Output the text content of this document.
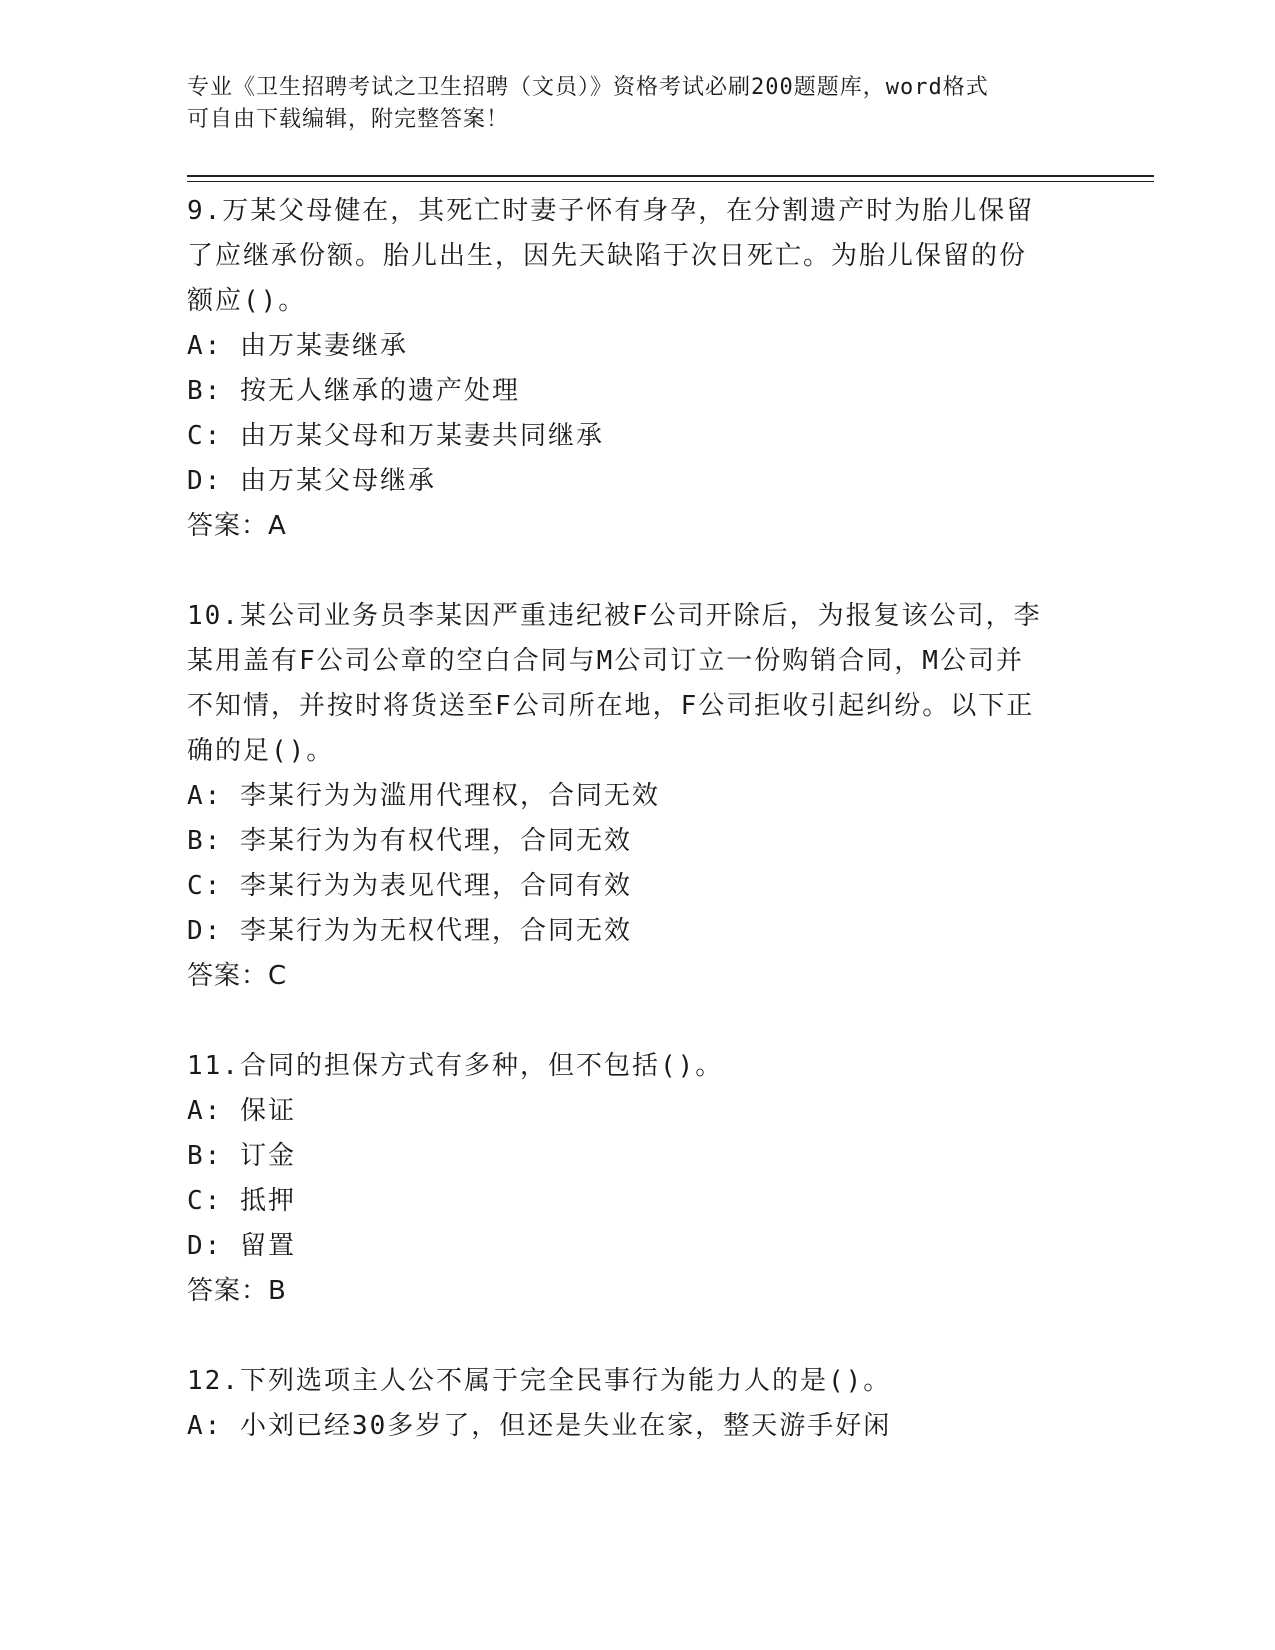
专业《卫生招聘考试之卫生招聘（文员）》资格考试必刷200题题库，word格式
可自由下载编辑，附完整答案！
9.万某父母健在，其死亡时妻子怀有身孕，在分割遗产时为胎儿保留
了应继承份额。胎儿出生，因先天缺陷于次日死亡。为胎儿保留的份
额应()。
A: 由万某妻继承
B: 按无人继承的遗产处理
C: 由万某父母和万某妻共同继承
D: 由万某父母继承
答案：A
10.某公司业务员李某因严重违纪被F公司开除后，为报复该公司，李
某用盖有F公司公章的空白合同与M公司订立一份购销合同，M公司并
不知情，并按时将货送至F公司所在地，F公司拒收引起纠纷。以下正
确的足()。
A: 李某行为为滥用代理权，合同无效
B: 李某行为为有权代理，合同无效
C: 李某行为为表见代理，合同有效
D: 李某行为为无权代理，合同无效
答案：C
11.合同的担保方式有多种，但不包括()。
A: 保证
B: 订金
C: 抵押
D: 留置
答案：B
12.下列选项主人公不属于完全民事行为能力人的是()。
A: 小刘已经30多岁了，但还是失业在家，整天游手好闲
